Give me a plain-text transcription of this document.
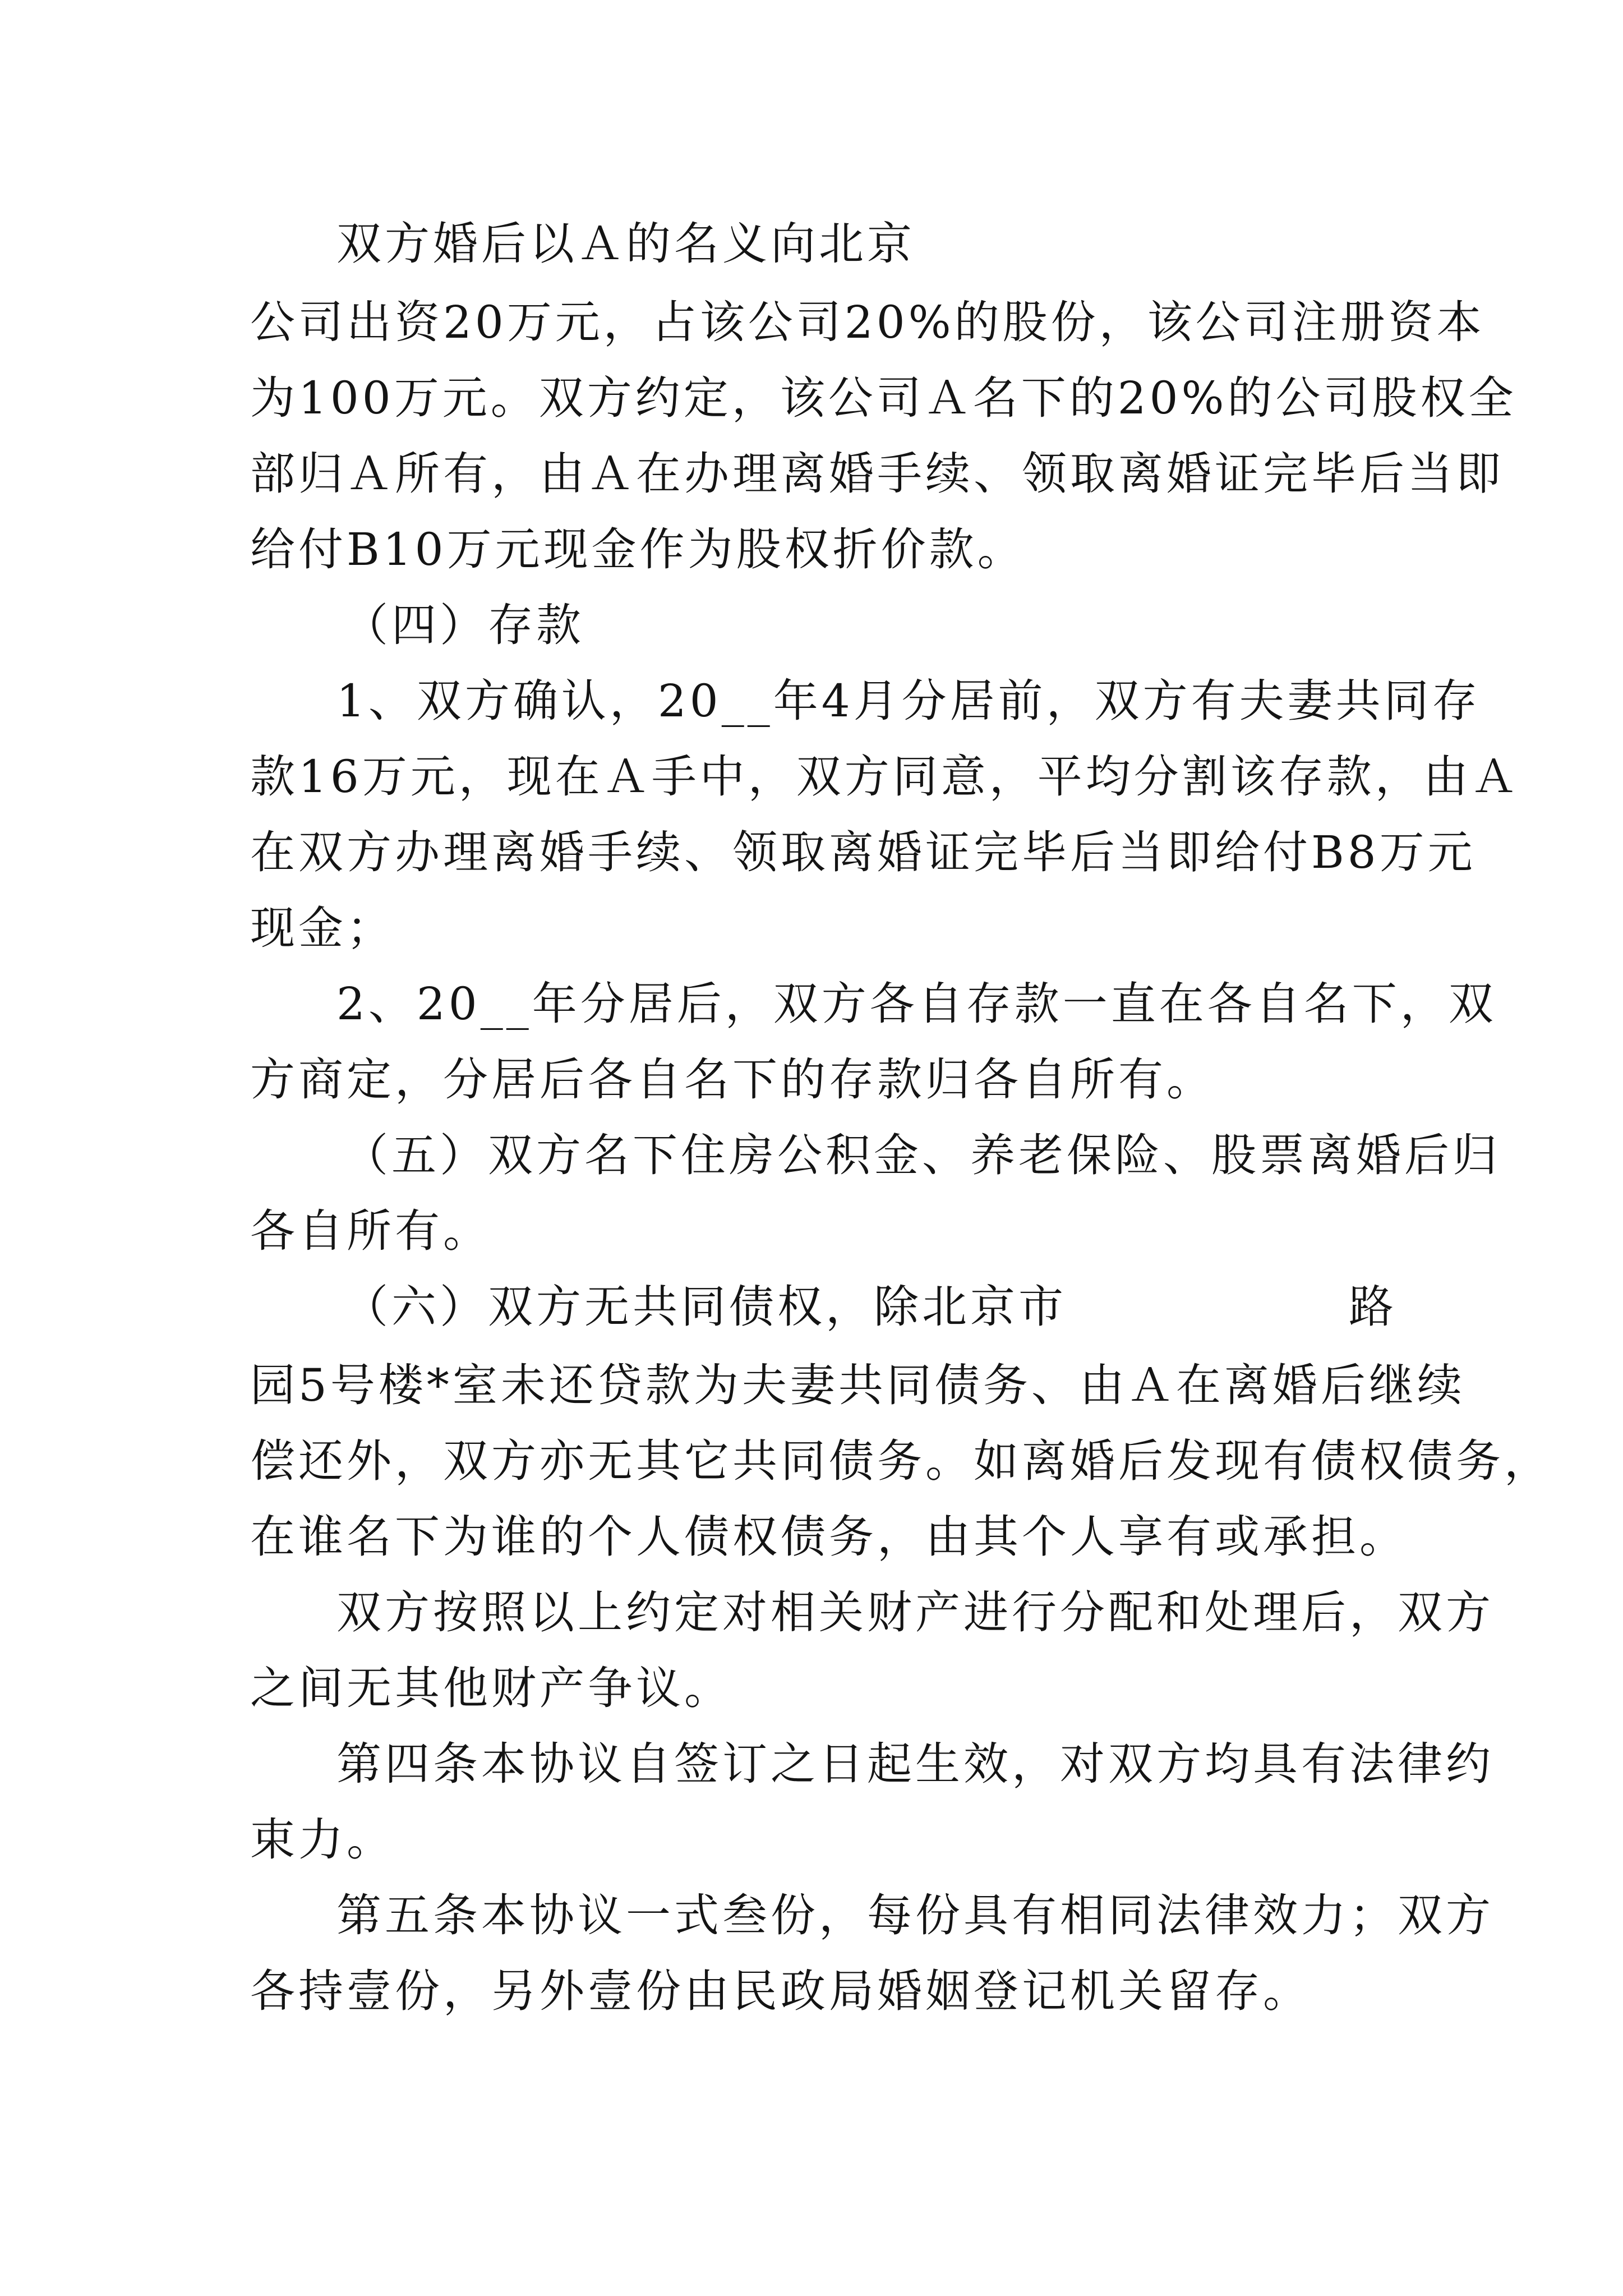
双方婚后以Ａ的名义向北京
公司出资20万元，占该公司20%的股份，该公司注册资本
为100万元。双方约定，该公司Ａ名下的20%的公司股权全
部归Ａ所有，由Ａ在办理离婚手续、领取离婚证完毕后当即
给付B10万元现金作为股权折价款。
（四）存款
1、双方确认，20__年4月分居前，双方有夫妻共同存
款16万元，现在Ａ手中，双方同意，平均分割该存款，由Ａ
在双方办理离婚手续、领取离婚证完毕后当即给付B8万元
现金；
2、20__年分居后，双方各自存款一直在各自名下，双
方商定，分居后各自名下的存款归各自所有。
（五）双方名下住房公积金、养老保险、股票离婚后归
各自所有。
（六）双方无共同债权，除北京市                路
园5号楼*室未还贷款为夫妻共同债务、由Ａ在离婚后继续
偿还外，双方亦无其它共同债务。如离婚后发现有债权债务，
在谁名下为谁的个人债权债务，由其个人享有或承担。
双方按照以上约定对相关财产进行分配和处理后，双方
之间无其他财产争议。
第四条本协议自签订之日起生效，对双方均具有法律约
束力。
第五条本协议一式叁份，每份具有相同法律效力；双方
各持壹份，另外壹份由民政局婚姻登记机关留存。
